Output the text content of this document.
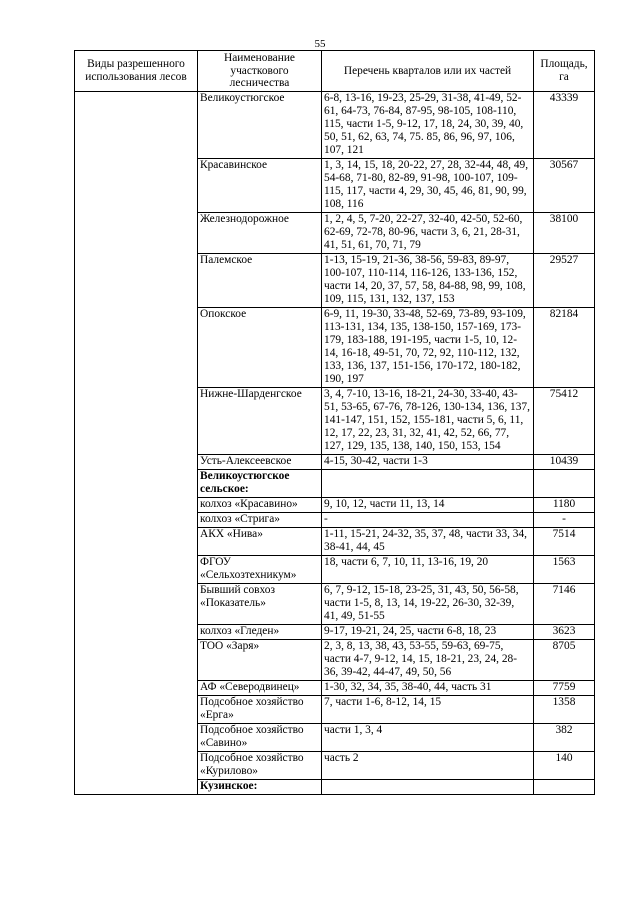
55
Виды разрешенного использования лесов	Наименование участкового лесничества	Перечень кварталов или их частей	Площадь, га
	Великоустюгское	6-8, 13-16, 19-23, 25-29, 31-38, 41-49, 52-61, 64-73, 76-84, 87-95, 98-105, 108-110, 115, части 1-5, 9-12, 17, 18, 24, 30, 39, 40, 50, 51, 62, 63, 74, 75. 85, 86, 96, 97, 106, 107, 121	43339
	Красавинское	1, 3, 14, 15, 18, 20-22, 27, 28, 32-44, 48, 49, 54-68, 71-80, 82-89, 91-98, 100-107, 109-115, 117, части 4, 29, 30, 45, 46, 81, 90, 99, 108, 116	30567
	Железнодорожное	1, 2, 4, 5, 7-20, 22-27, 32-40, 42-50, 52-60, 62-69, 72-78, 80-96, части 3, 6, 21, 28-31, 41, 51, 61, 70, 71, 79	38100
	Палемское	1-13, 15-19, 21-36, 38-56, 59-83, 89-97, 100-107, 110-114, 116-126, 133-136, 152, части 14, 20, 37, 57, 58, 84-88, 98, 99, 108, 109, 115, 131, 132, 137, 153	29527
	Опокское	6-9, 11, 19-30, 33-48, 52-69, 73-89, 93-109, 113-131, 134, 135, 138-150, 157-169, 173-179, 183-188, 191-195, части 1-5, 10, 12-14, 16-18, 49-51, 70, 72, 92, 110-112, 132, 133, 136, 137, 151-156, 170-172, 180-182, 190, 197	82184
	Нижне-Шарденгское	3, 4, 7-10, 13-16, 18-21, 24-30, 33-40, 43-51, 53-65, 67-76, 78-126, 130-134, 136, 137, 141-147, 151, 152, 155-181, части 5, 6, 11, 12, 17, 22, 23, 31, 32, 41, 42, 52, 66, 77, 127, 129, 135, 138, 140, 150, 153, 154	75412
	Усть-Алексеевское	4-15, 30-42, части 1-3	10439
	Великоустюгское сельское:		
	колхоз «Красавино»	9, 10, 12, части 11, 13, 14	1180
	колхоз «Стрига»	-	-
	АКХ «Нива»	1-11, 15-21, 24-32, 35, 37, 48, части 33, 34, 38-41, 44, 45	7514
	ФГОУ «Сельхозтехникум»	18, части 6, 7, 10, 11, 13-16, 19, 20	1563
	Бывший совхоз «Показатель»	6, 7, 9-12, 15-18, 23-25, 31, 43, 50, 56-58, части 1-5, 8, 13, 14, 19-22, 26-30, 32-39, 41, 49, 51-55	7146
	колхоз «Гледен»	9-17, 19-21, 24, 25, части 6-8, 18, 23	3623
	ТОО «Заря»	2, 3, 8, 13, 38, 43, 53-55, 59-63, 69-75, части 4-7, 9-12, 14, 15, 18-21, 23, 24, 28-36, 39-42, 44-47, 49, 50, 56	8705
	АФ «Северодвинец»	1-30, 32, 34, 35, 38-40, 44, часть 31	7759
	Подсобное хозяйство «Ерга»	7, части 1-6, 8-12, 14, 15	1358
	Подсобное хозяйство «Савино»	части 1, 3, 4	382
	Подсобное хозяйство «Курилово»	часть 2	140
	Кузинское:		
